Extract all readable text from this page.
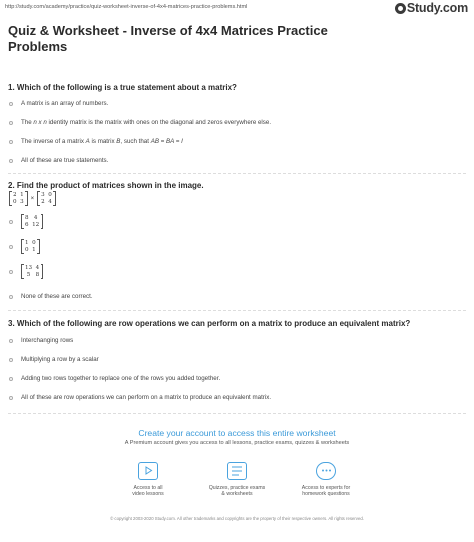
http://study.com/academy/practice/quiz-worksheet-inverse-of-4x4-matrices-practice-problems.html	Study.com
Quiz & Worksheet - Inverse of 4x4 Matrices Practice Problems
1. Which of the following is a true statement about a matrix?
A matrix is an array of numbers.
The n x n identity matrix is the matrix with ones on the diagonal and zeros everywhere else.
The inverse of a matrix A is matrix B, such that AB = BA = I
All of these are true statements.
2. Find the product of matrices shown in the image.
2 1
0 3
×
3 0
2 4
8 4
6 12
1 0
0 1
13 4
5 8
None of these are correct.
3. Which of the following are row operations we can perform on a matrix to produce an equivalent matrix?
Interchanging rows
Multiplying a row by a scalar
Adding two rows together to replace one of the rows you added together.
All of these are row operations we can perform on a matrix to produce an equivalent matrix.
Create your account to access this entire worksheet
A Premium account gives you access to all lessons, practice exams, quizzes & worksheets
Access to all
video lessons
Quizzes, practice exams
& worksheets
Access to experts for
homework questions
© copyright 2003-2020 Study.com. All other trademarks and copyrights are the property of their respective owners. All rights reserved.
